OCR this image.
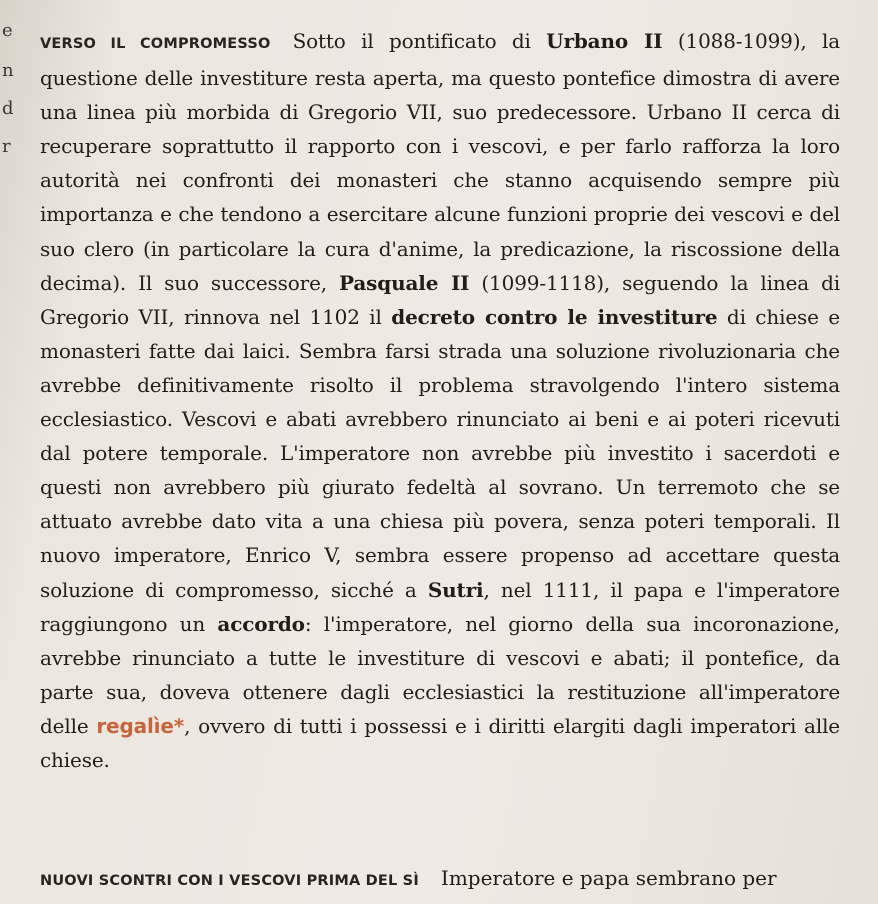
e
n
d
r
VERSO IL COMPROMESSO Sotto il pontificato di Urbano II (1088-1099), la questione delle investiture resta aperta, ma questo pontefice dimostra di avere una linea più morbida di Gregorio VII, suo predecessore. Urbano II cerca di recuperare soprattutto il rapporto con i vescovi, e per farlo rafforza la loro autorità nei confronti dei monasteri che stanno acquisendo sempre più importanza e che tendono a esercitare alcune funzioni proprie dei vescovi e del suo clero (in particolare la cura d'anime, la predicazione, la riscossione della decima). Il suo successore, Pasquale II (1099-1118), seguendo la linea di Gregorio VII, rinnova nel 1102 il decreto contro le investiture di chiese e monasteri fatte dai laici. Sembra farsi strada una soluzione rivoluzionaria che avrebbe definitivamente risolto il problema stravolgendo l'intero sistema ecclesiastico. Vescovi e abati avrebbero rinunciato ai beni e ai poteri ricevuti dal potere temporale. L'imperatore non avrebbe più investito i sacerdoti e questi non avrebbero più giurato fedeltà al sovrano. Un terremoto che se attuato avrebbe dato vita a una chiesa più povera, senza poteri temporali. Il nuovo imperatore, Enrico V, sembra essere propenso ad accettare questa soluzione di compromesso, sicché a Sutri, nel 1111, il papa e l'imperatore raggiungono un accordo: l'imperatore, nel giorno della sua incoronazione, avrebbe rinunciato a tutte le investiture di vescovi e abati; il pontefice, da parte sua, doveva ottenere dagli ecclesiastici la restituzione all'imperatore delle regalìe*, ovvero di tutti i possessi e i diritti elargiti dagli imperatori alle chiese.
NUOVI SCONTRI CON I VESCOVI PRIMA DEL SÌ Imperatore e papa sembrano per
